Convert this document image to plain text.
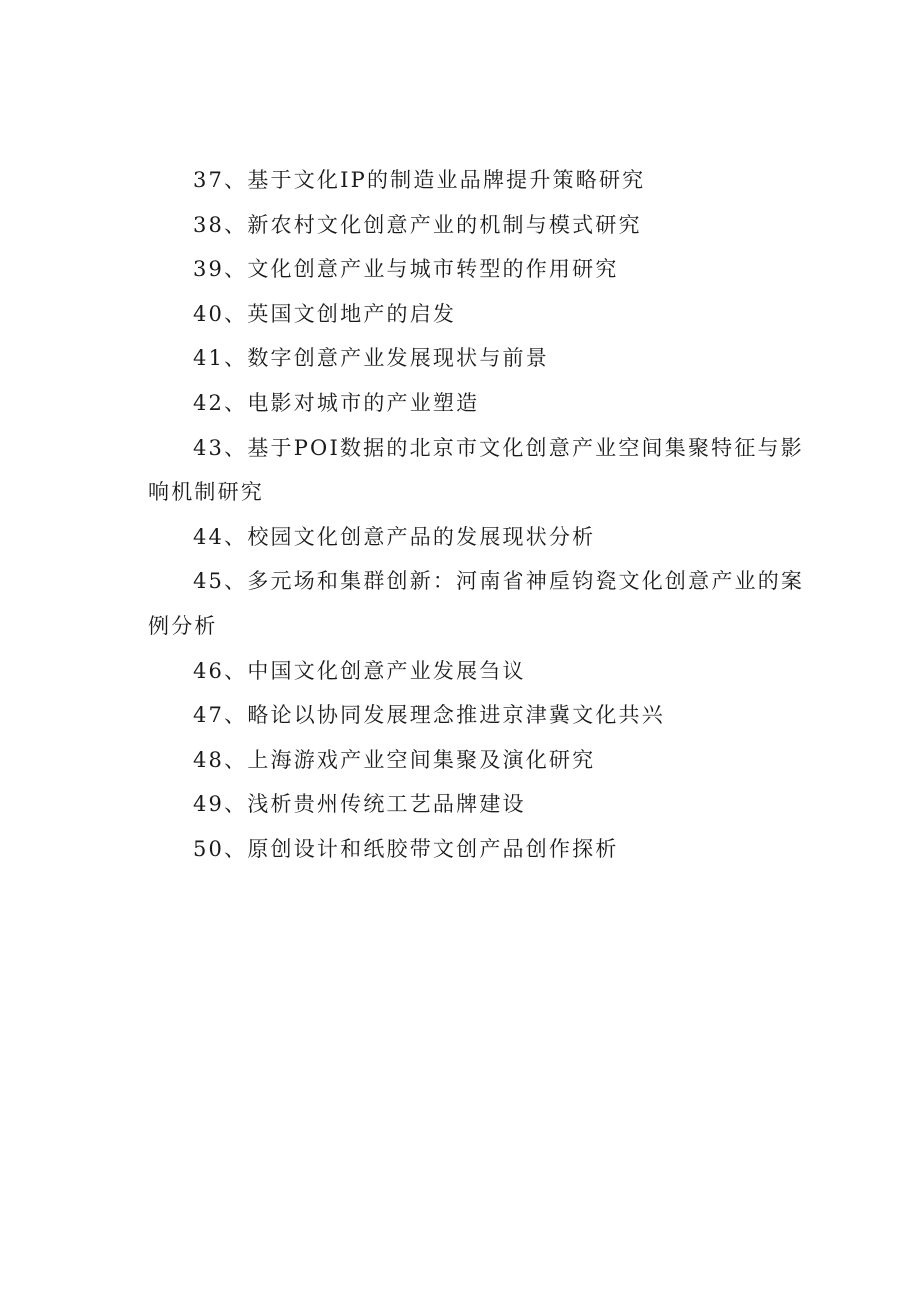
37、基于文化IP的制造业品牌提升策略研究
38、新农村文化创意产业的机制与模式研究
39、文化创意产业与城市转型的作用研究
40、英国文创地产的启发
41、数字创意产业发展现状与前景
42、电影对城市的产业塑造
43、基于POI数据的北京市文化创意产业空间集聚特征与影响机制研究
44、校园文化创意产品的发展现状分析
45、多元场和集群创新：河南省神垕钧瓷文化创意产业的案例分析
46、中国文化创意产业发展刍议
47、略论以协同发展理念推进京津冀文化共兴
48、上海游戏产业空间集聚及演化研究
49、浅析贵州传统工艺品牌建设
50、原创设计和纸胶带文创产品创作探析
